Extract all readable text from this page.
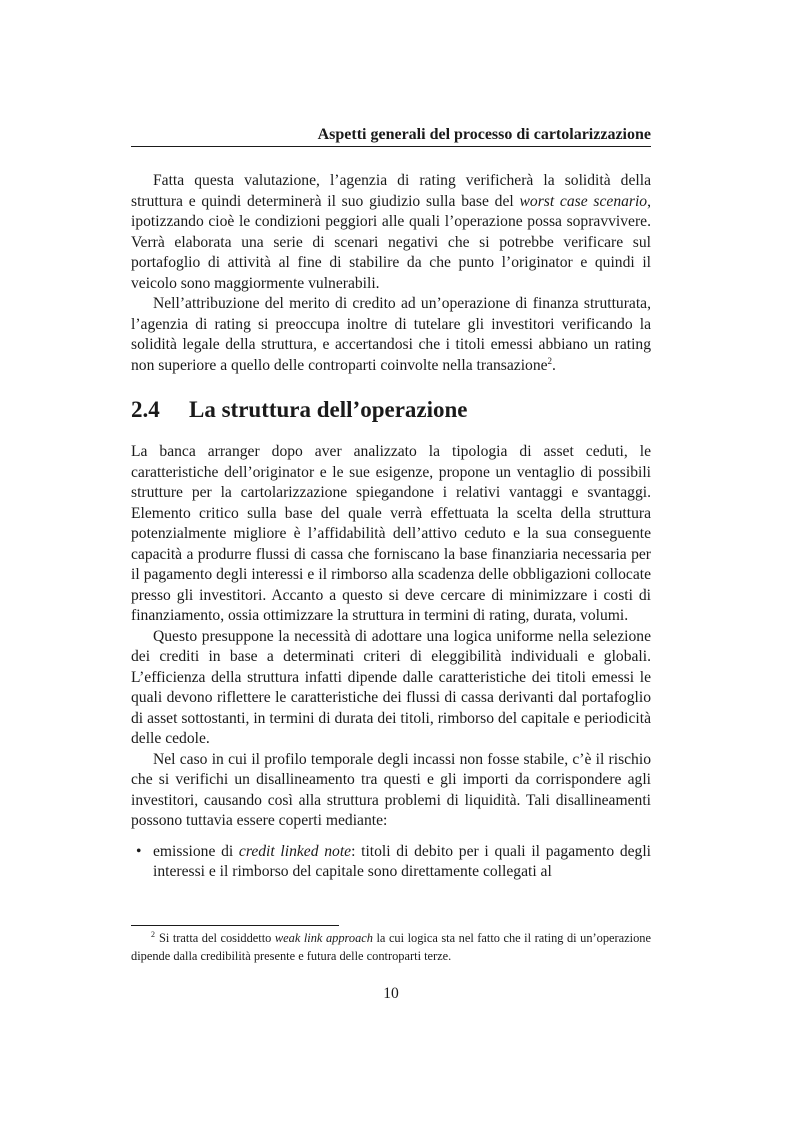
Aspetti generali del processo di cartolarizzazione

Fatta questa valutazione, l’agenzia di rating verificherà la solidità della struttura e quindi determinerà il suo giudizio sulla base del worst case scenario, ipotizzando cioè le condizioni peggiori alle quali l’operazione possa sopravvivere. Verrà elaborata una serie di scenari negativi che si potrebbe verificare sul portafoglio di attività al fine di stabilire da che punto l’originator e quindi il veicolo sono maggiormente vulnerabili.

Nell’attribuzione del merito di credito ad un’operazione di finanza strutturata, l’agenzia di rating si preoccupa inoltre di tutelare gli investitori verificando la solidità legale della struttura, e accertandosi che i titoli emessi abbiano un rating non superiore a quello delle controparti coinvolte nella transazione$^2$.

2.4	La struttura dell’operazione

La banca arranger dopo aver analizzato la tipologia di asset ceduti, le caratteristiche dell’originator e le sue esigenze, propone un ventaglio di possibili strutture per la cartolarizzazione spiegandone i relativi vantaggi e svantaggi. Elemento critico sulla base del quale verrà effettuata la scelta della struttura potenzialmente migliore è l’affidabilità dell’attivo ceduto e la sua conseguente capacità a produrre flussi di cassa che forniscano la base finanziaria necessaria per il pagamento degli interessi e il rimborso alla scadenza delle obbligazioni collocate presso gli investitori. Accanto a questo si deve cercare di minimizzare i costi di finanziamento, ossia ottimizzare la struttura in termini di rating, durata, volumi.

Questo presuppone la necessità di adottare una logica uniforme nella selezione dei crediti in base a determinati criteri di eleggibilità individuali e globali. L’efficienza della struttura infatti dipende dalle caratteristiche dei titoli emessi le quali devono riflettere le caratteristiche dei flussi di cassa derivanti dal portafoglio di asset sottostanti, in termini di durata dei titoli, rimborso del capitale e periodicità delle cedole.

Nel caso in cui il profilo temporale degli incassi non fosse stabile, c’è il rischio che si verifichi un disallineamento tra questi e gli importi da corrispondere agli investitori, causando così alla struttura problemi di liquidità. Tali disallineamenti possono tuttavia essere coperti mediante:

• emissione di credit linked note: titoli di debito per i quali il pagamento degli interessi e il rimborso del capitale sono direttamente collegati al
$^2$ Si tratta del cosiddetto weak link approach la cui logica sta nel fatto che il rating di un’operazione dipende dalla credibilità presente e futura delle controparti terze.
10
